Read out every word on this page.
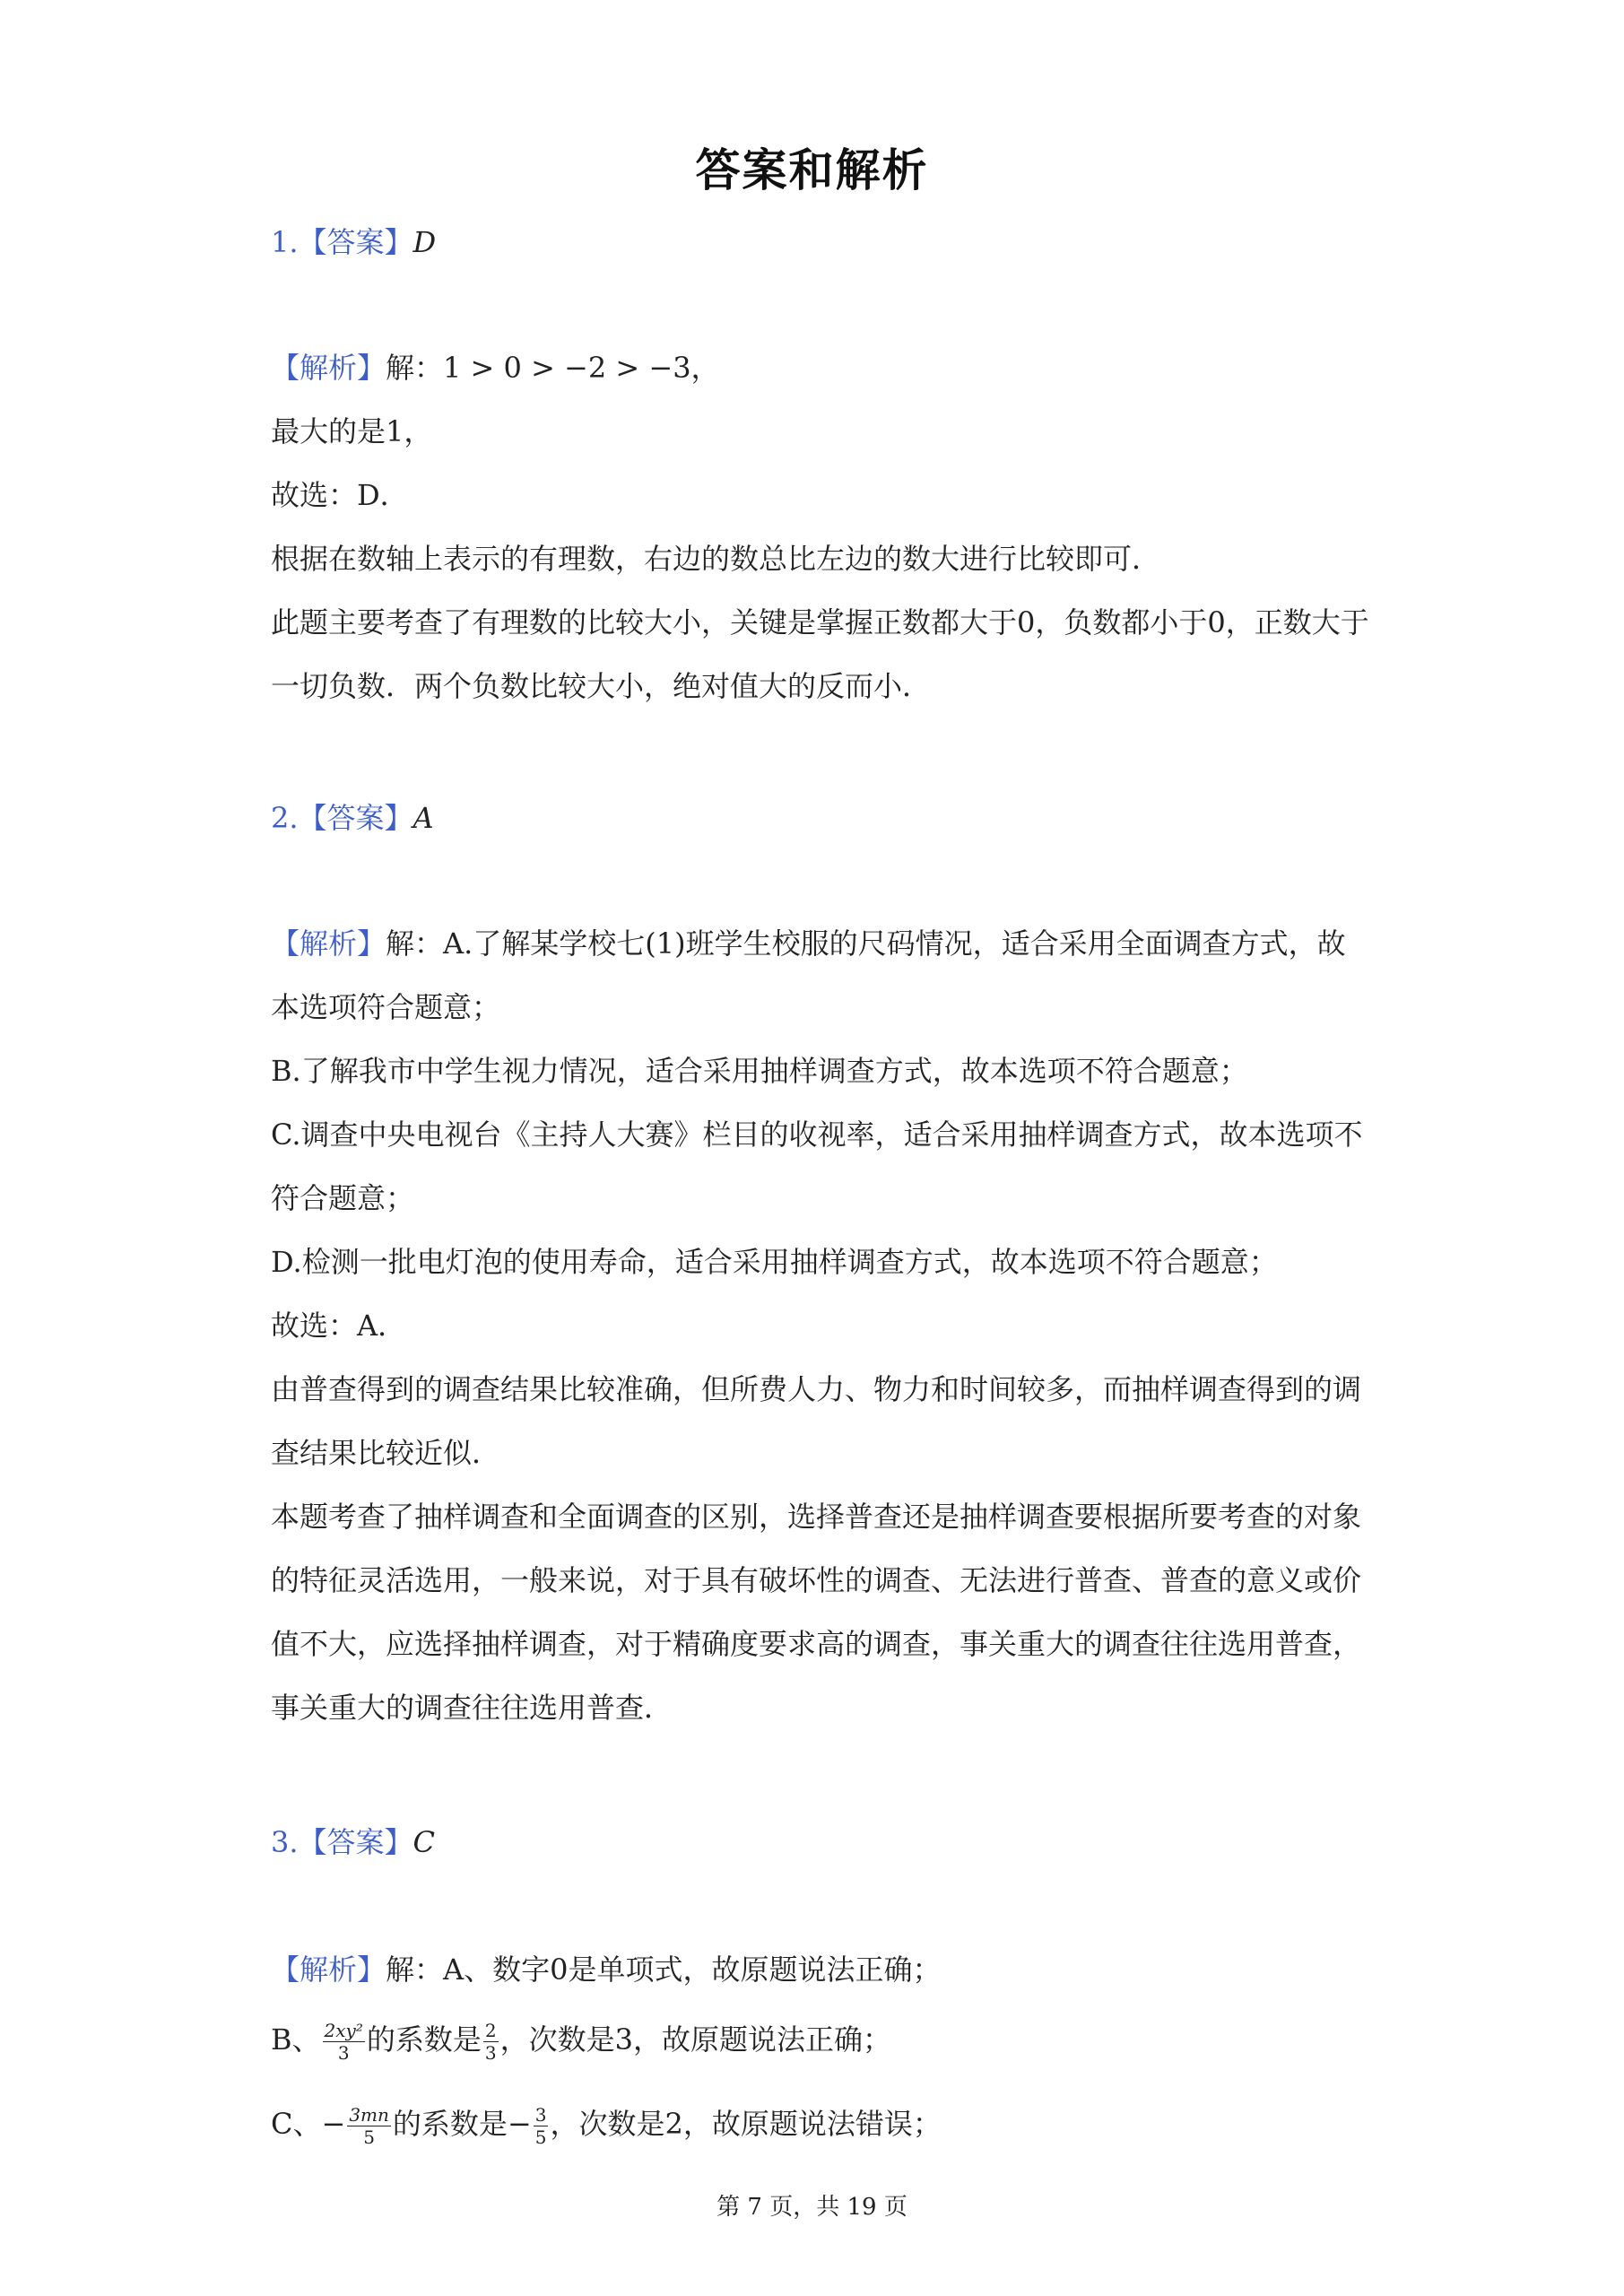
答案和解析
1.【答案】D
【解析】解：1 > 0 > −2 > −3，
最大的是1，
故选：D．
根据在数轴上表示的有理数，右边的数总比左边的数大进行比较即可．
此题主要考查了有理数的比较大小，关键是掌握正数都大于0，负数都小于0，正数大于
一切负数．两个负数比较大小，绝对值大的反而小．
2.【答案】A
【解析】解：A.了解某学校七(1)班学生校服的尺码情况，适合采用全面调查方式，故
本选项符合题意；
B.了解我市中学生视力情况，适合采用抽样调查方式，故本选项不符合题意；
C.调查中央电视台《主持人大赛》栏目的收视率，适合采用抽样调查方式，故本选项不
符合题意；
D.检测一批电灯泡的使用寿命，适合采用抽样调查方式，故本选项不符合题意；
故选：A．
由普查得到的调查结果比较准确，但所费人力、物力和时间较多，而抽样调查得到的调
查结果比较近似．
本题考查了抽样调查和全面调查的区别，选择普查还是抽样调查要根据所要考查的对象
的特征灵活选用，一般来说，对于具有破坏性的调查、无法进行普查、普查的意义或价
值不大，应选择抽样调查，对于精确度要求高的调查，事关重大的调查往往选用普查，
事关重大的调查往往选用普查．
3.【答案】C
【解析】解：A、数字0是单项式，故原题说法正确；
B、 $\frac{\text{2xy²}}{3}$ 的系数是 $\frac{2}{3}$ ，次数是3，故原题说法正确；
C、− $\frac{3mn}{5}$ 的系数是− $\frac{3}{5}$ ，次数是2，故原题说法错误；
第 7 页，共 19 页
